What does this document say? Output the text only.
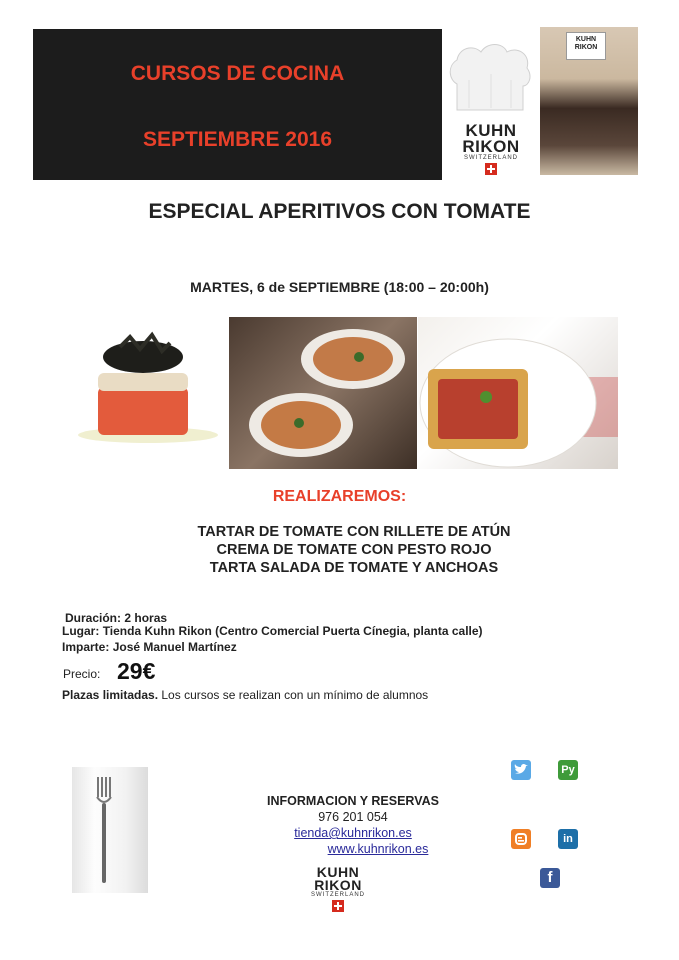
CURSOS DE COCINA
SEPTIEMBRE 2016	KUHN
RIKON
SWITZERLAND
KUHN
RIKON
ESPECIAL APERITIVOS CON TOMATE
MARTES, 6 de SEPTIEMBRE (18:00 – 20:00h)
REALIZAREMOS:
TARTAR DE TOMATE CON RILLETE DE ATÚN
CREMA DE TOMATE CON PESTO ROJO
TARTA SALADA DE TOMATE Y ANCHOAS
Duración: 2 horas
Lugar: Tienda Kuhn Rikon (Centro Comercial Puerta Cínegia, planta calle)
Imparte: José Manuel Martínez
Precio: 29€
Plazas limitadas. Los cursos se realizan con un mínimo de alumnos
INFORMACION Y RESERVAS
976 201 054
tienda@kuhnrikon.es
www.kuhnrikon.es
KUHN
RIKON
SWITZERLAND
Py
in
f
